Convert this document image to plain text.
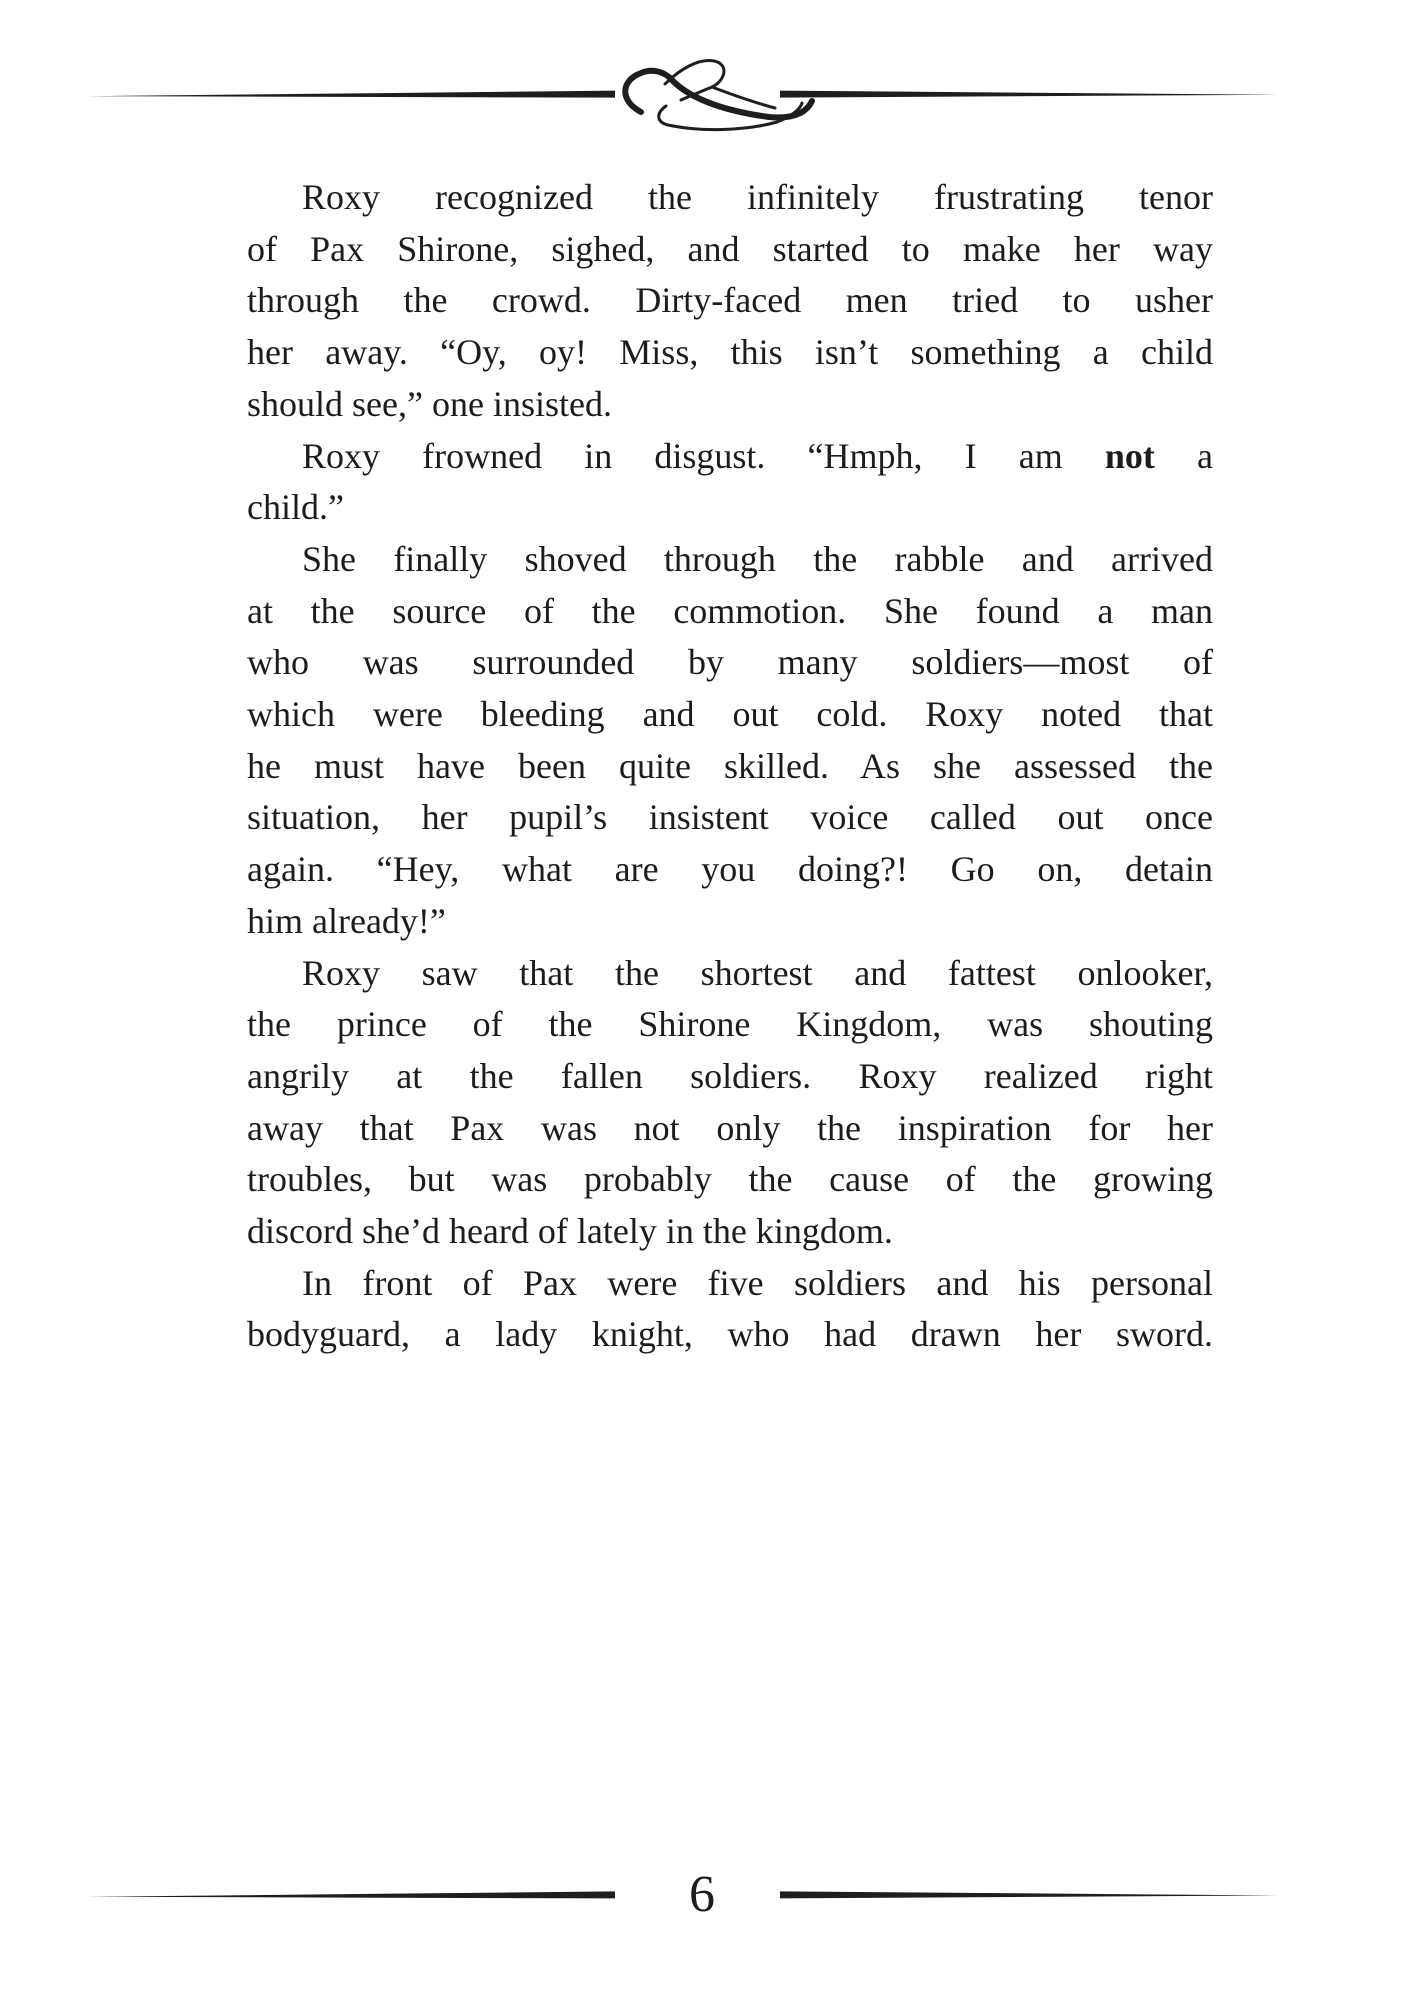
Roxy recognized the infinitely frustrating tenor
of Pax Shirone, sighed, and started to make her way
through the crowd. Dirty-faced men tried to usher
her away. “Oy, oy! Miss, this isn’t something a child
should see,” one insisted.
Roxy frowned in disgust. “Hmph, I am not a
child.”
She finally shoved through the rabble and arrived
at the source of the commotion. She found a man
who was surrounded by many soldiers—most of
which were bleeding and out cold. Roxy noted that
he must have been quite skilled. As she assessed the
situation, her pupil’s insistent voice called out once
again. “Hey, what are you doing?! Go on, detain
him already!”
Roxy saw that the shortest and fattest onlooker,
the prince of the Shirone Kingdom, was shouting
angrily at the fallen soldiers. Roxy realized right
away that Pax was not only the inspiration for her
troubles, but was probably the cause of the growing
discord she’d heard of lately in the kingdom.
In front of Pax were five soldiers and his personal
bodyguard, a lady knight, who had drawn her sword.
6
